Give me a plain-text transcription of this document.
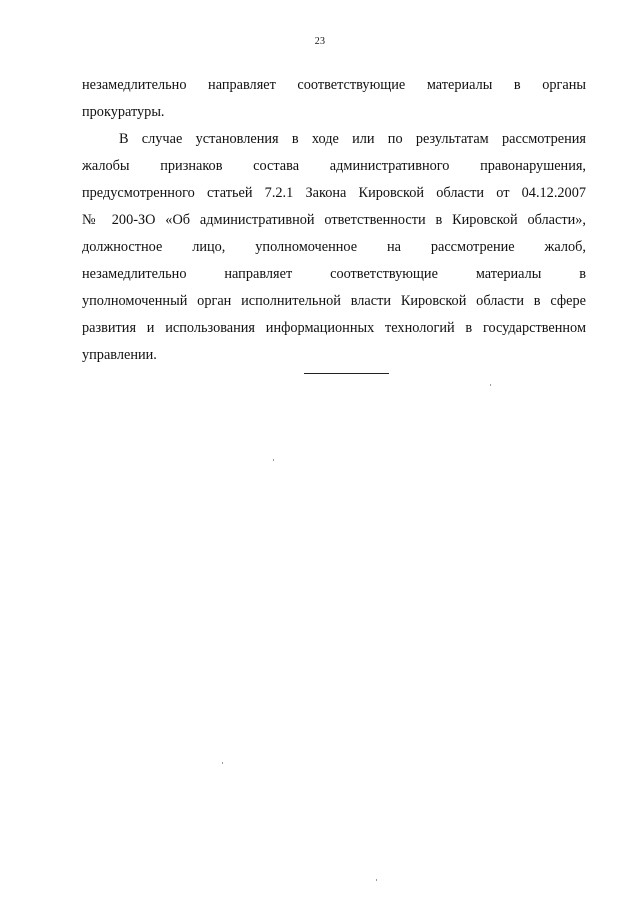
23
незамедлительно направляет соответствующие материалы в органы
прокуратуры.
В случае установления в ходе или по результатам рассмотрения
жалобы признаков состава административного правонарушения,
предусмотренного статьей 7.2.1 Закона Кировской области от 04.12.2007
№ 200-ЗО «Об административной ответственности в Кировской области»,
должностное лицо, уполномоченное на рассмотрение жалоб,
незамедлительно направляет соответствующие материалы в
уполномоченный орган исполнительной власти Кировской области в сфере
развития и использования информационных технологий в государственном
управлении.
